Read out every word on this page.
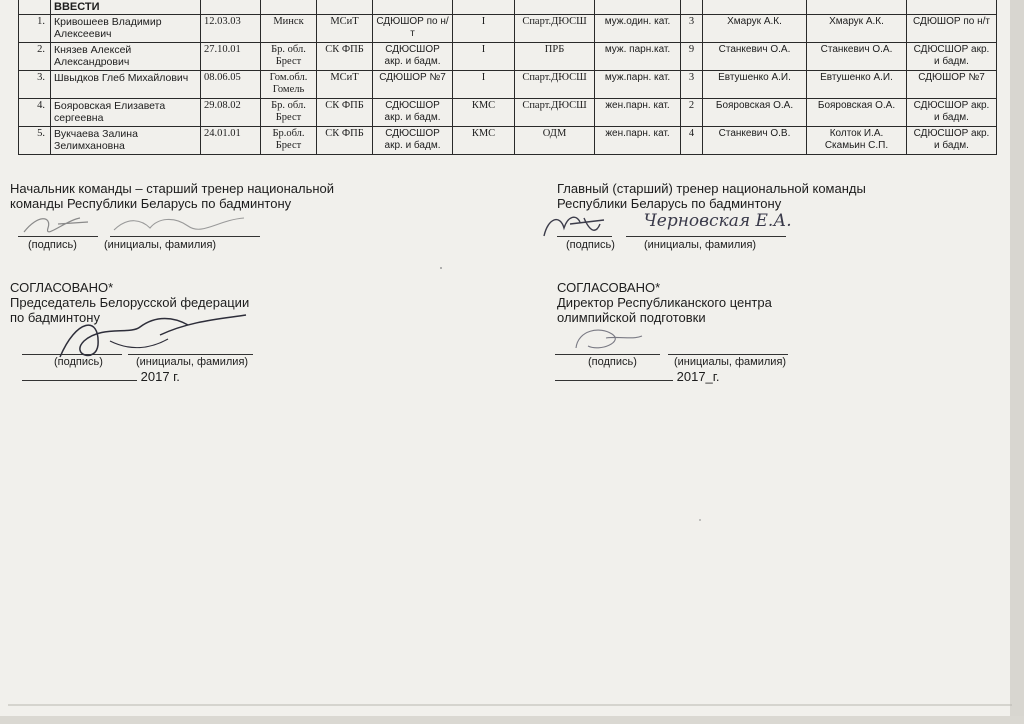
	ВВЕСТИ											
1.	Кривошеев Владимир Алексеевич	12.03.03	Минск	МСиТ	СДЮШОР по н/т	I	Спарт.ДЮСШ	муж.один. кат.	3	Хмарук А.К.	Хмарук А.К.	СДЮШОР по н/т
2.	Князев Алексей Александрович	27.10.01	Бр. обл. Брест	СК ФПБ	СДЮСШОР акр. и бадм.	I	ПРБ	муж. парн.кат.	9	Станкевич О.А.	Станкевич О.А.	СДЮСШОР акр. и бадм.
3.	Швыдков Глеб Михайлович	08.06.05	Гом.обл. Гомель	МСиТ	СДЮШОР №7	I	Спарт.ДЮСШ	муж.парн. кат.	3	Евтушенко А.И.	Евтушенко А.И.	СДЮШОР №7
4.	Бояровская Елизавета сергеевна	29.08.02	Бр. обл. Брест	СК ФПБ	СДЮСШОР акр. и бадм.	КМС	Спарт.ДЮСШ	жен.парн. кат.	2	Бояровская О.А.	Бояровская О.А.	СДЮСШОР акр. и бадм.
5.	Вукчаева Залина Зелимхановна	24.01.01	Бр.обл. Брест	СК ФПБ	СДЮСШОР акр. и бадм.	КМС	ОДМ	жен.парн. кат.	4	Станкевич О.В.	Колток И.А. Скамьин С.П.	СДЮСШОР акр. и бадм.
Начальник команды – старший тренер национальной
команды Республики Беларусь по бадминтону

(подпись) (инициалы, фамилия)
Главный (старший) тренер национальной команды
Республики Беларусь по бадминтону

Черновская Е.А.
(подпись)	(инициалы, фамилия)
СОГЛАСОВАНО*
Председатель Белорусской федерации
по бадминтону

(подпись)	(инициалы, фамилия)
2017 г.
СОГЛАСОВАНО*
Директор Республиканского центра
олимпийской подготовки

(подпись)	(инициалы, фамилия)
2017_г.
